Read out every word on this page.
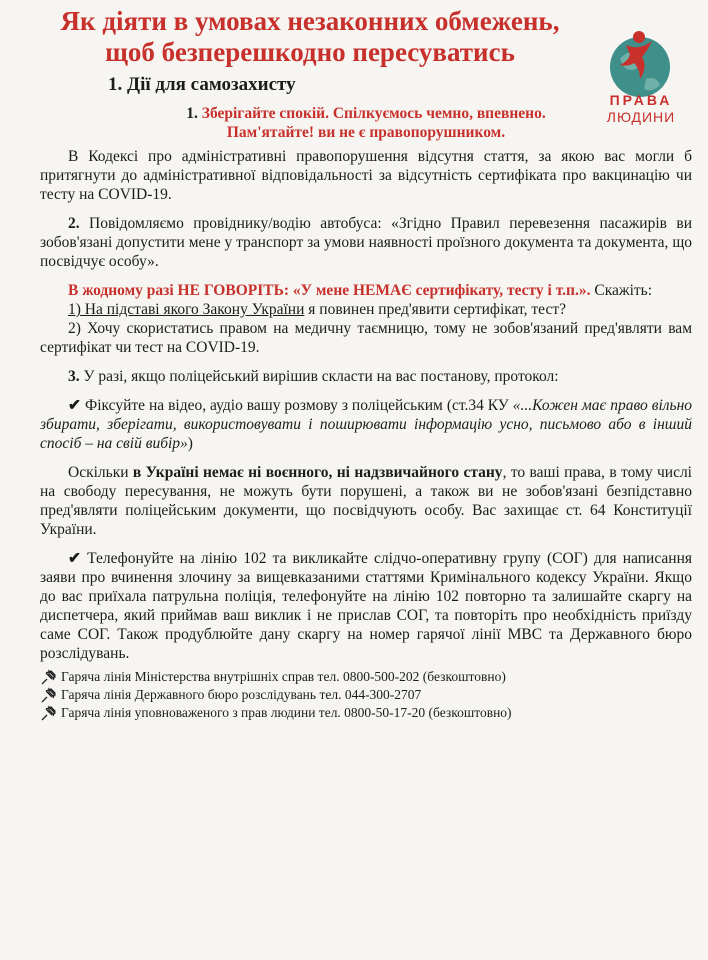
Як діяти в умовах незаконних обмежень,
щоб безперешкодно пересуватись
ПРАВА
ЛЮДИНИ
1. Дії для самозахисту

1. Зберігайте спокій. Спілкуємось чемно, впевнено.
Пам'ятайте! ви не є правопорушником.

В Кодексі про адміністративні правопорушення відсутня стаття, за якою вас могли б притягнути до адміністративної відповідальності за відсутність сертифіката про вакцинацію чи тесту на COVID-19.

2. Повідомляємо провіднику/водію автобуса: «Згідно Правил перевезення пасажирів ви зобов'язані допустити мене у транспорт за умови наявності проїзного документа та документа, що посвідчує особу».

В жодному разі НЕ ГОВОРІТЬ: «У мене НЕМАЄ сертифікату, тесту і т.п.». Скажіть:

1) На підставі якого Закону України я повинен пред'явити сертифікат, тест?

2) Хочу скористатись правом на медичну таємницю, тому не зобов'язаний пред'являти вам сертифікат чи тест на COVID-19.

3. У разі, якщо поліцейський вирішив скласти на вас постанову, протокол:

✔ Фіксуйте на відео, аудіо вашу розмову з поліцейським (ст.34 КУ «...Кожен має право вільно збирати, зберігати, використовувати і поширювати інформацію усно, письмово або в інший спосіб – на свій вибір»)

Оскільки в Україні немає ні воєнного, ні надзвичайного стану, то ваші права, в тому числі на свободу пересування, не можуть бути порушені, а також ви не зобов'язані безпідставно пред'являти поліцейським документи, що посвідчують особу. Вас захищає ст. 64 Конституції України.

✔ Телефонуйте на лінію 102 та викликайте слідчо-оперативну групу (СОГ) для написання заяви про вчинення злочину за вищевказаними статтями Кримінального кодексу України. Якщо до вас приїхала патрульна поліція, телефонуйте на лінію 102 повторно та залишайте скаргу на диспетчера, який приймав ваш виклик і не прислав СОГ, та повторіть про необхідність приїзду саме СОГ. Також продублюйте дану скаргу на номер гарячої лінії МВС та Державного бюро розслідувань.

Гаряча лінія Міністерства внутрішніх справ тел. 0800-500-202 (безкоштовно)
Гаряча лінія Державного бюро розслідувань тел. 044-300-2707
Гаряча лінія уповноваженого з прав людини тел. 0800-50-17-20 (безкоштовно)
